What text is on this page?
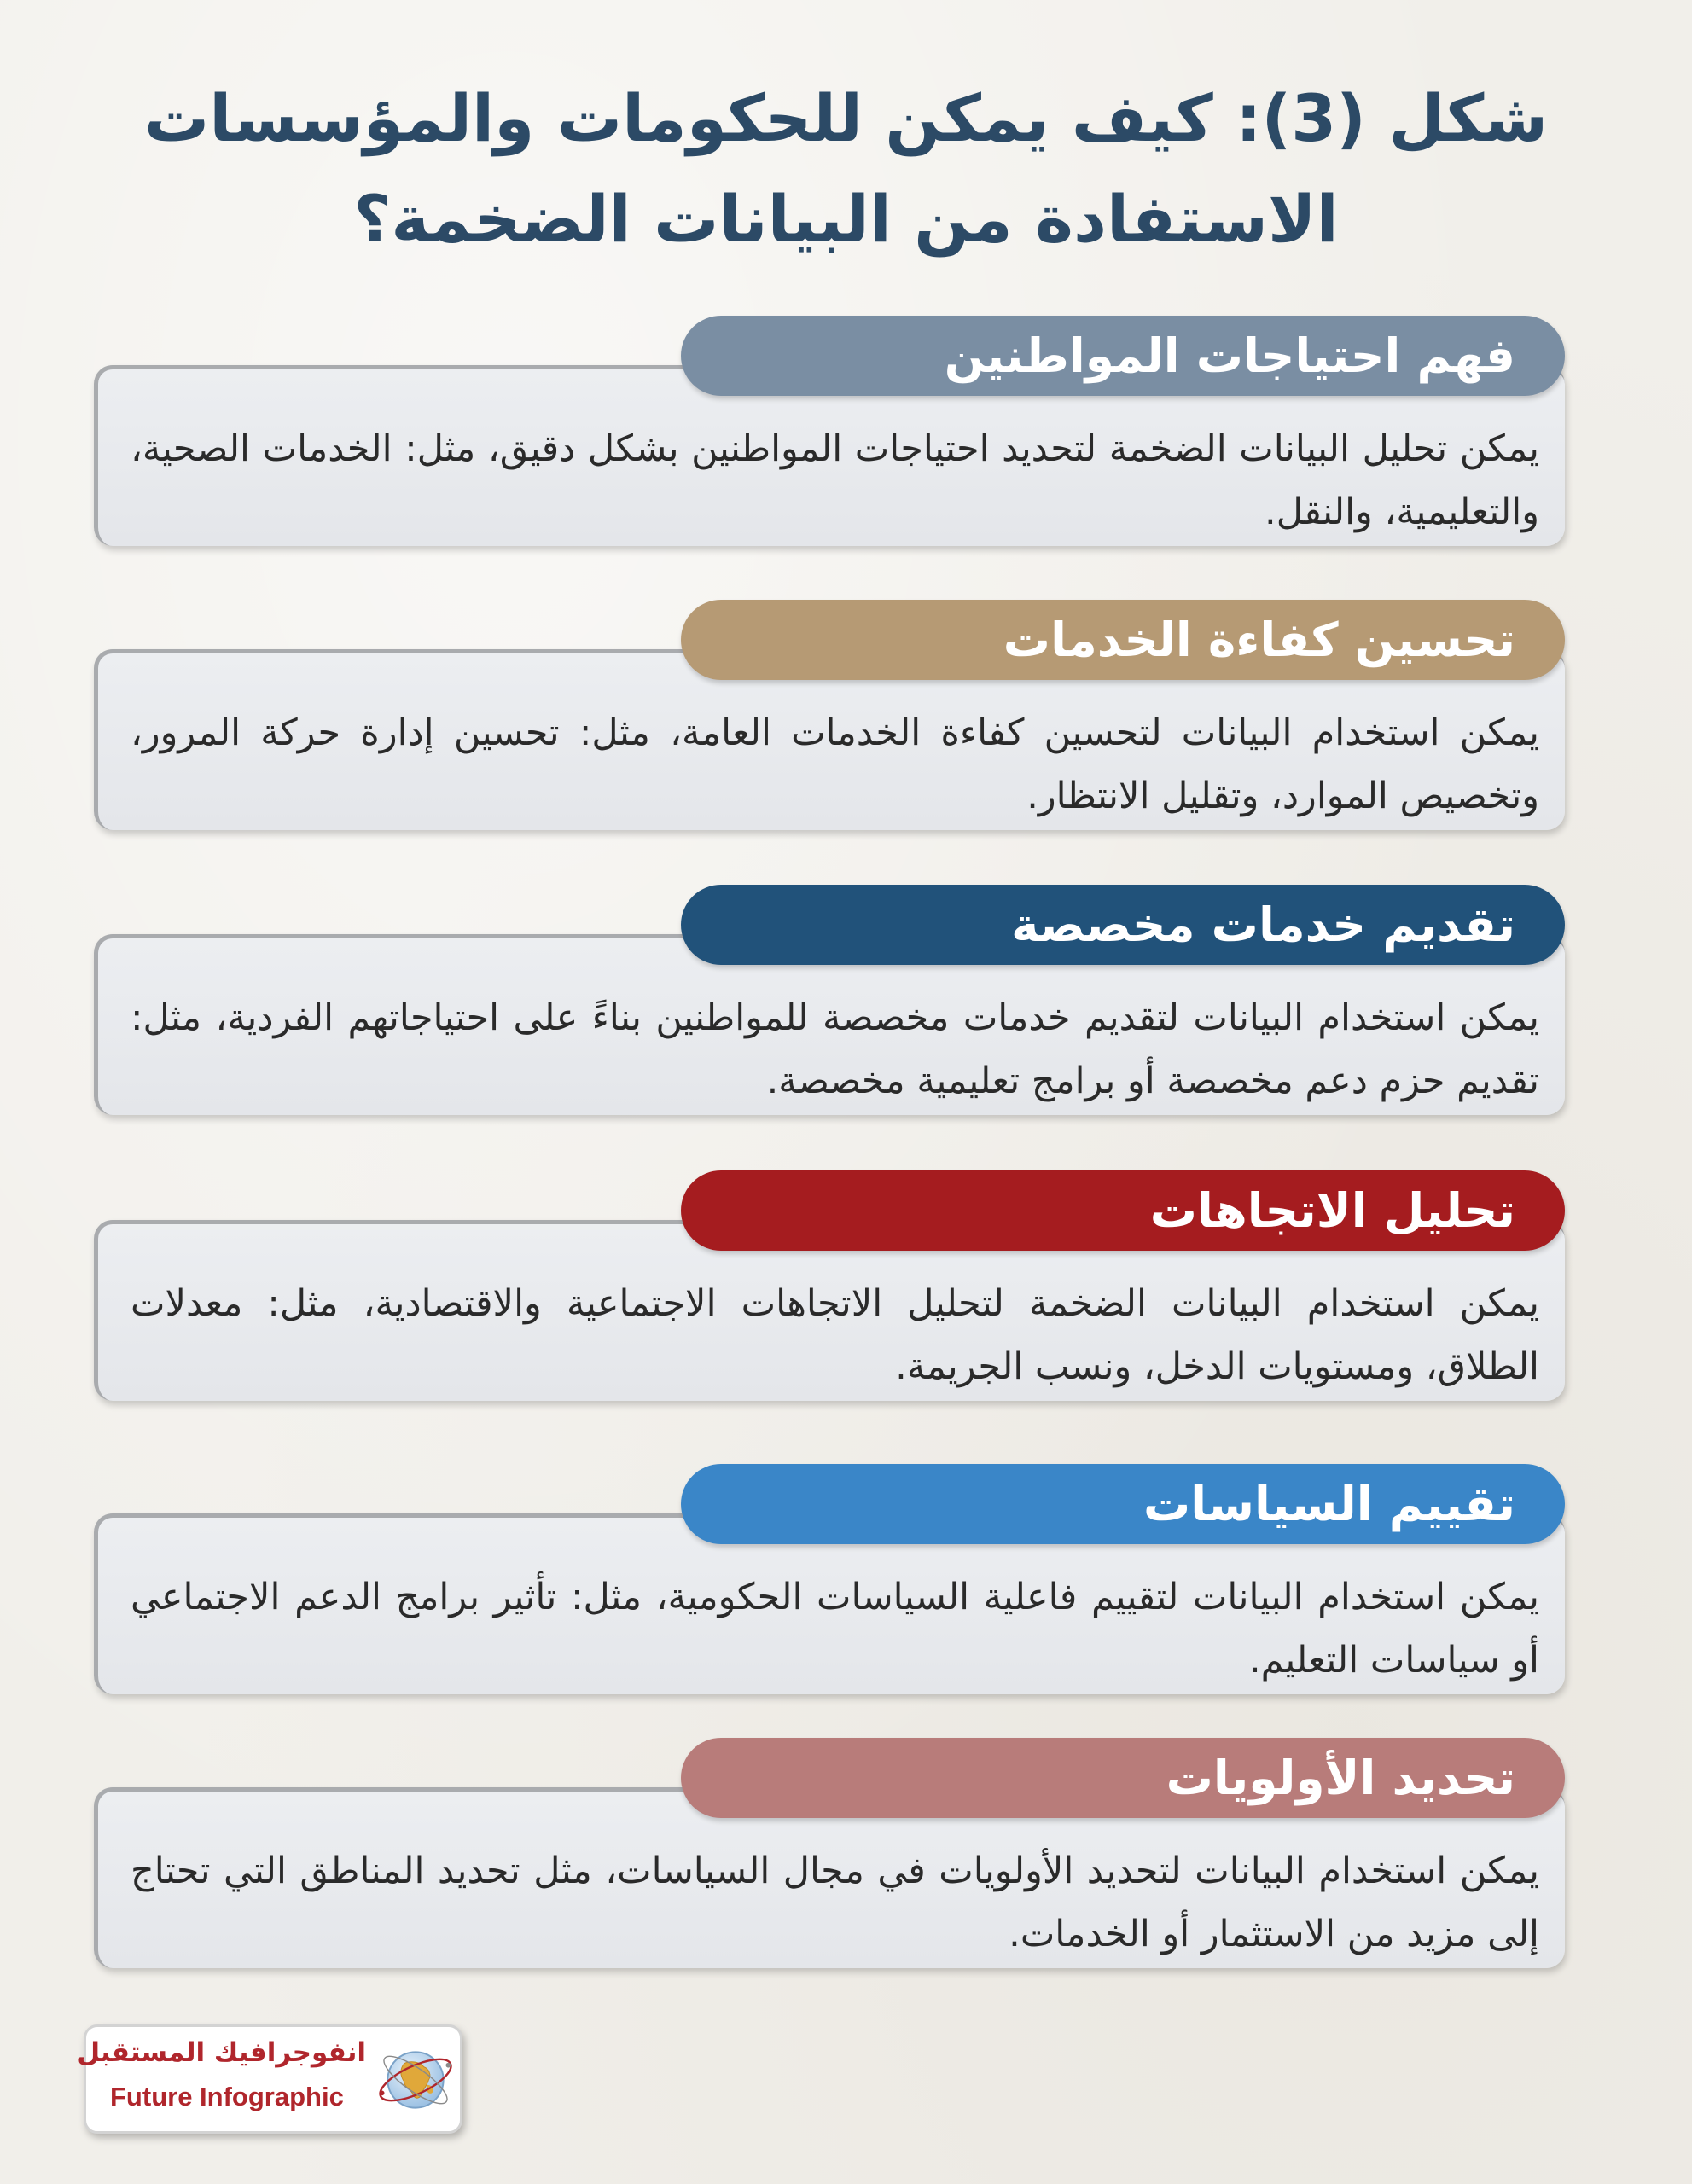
شكل (3): كيف يمكن للحكومات والمؤسسات
الاستفادة من البيانات الضخمة؟

يمكن تحليل البيانات الضخمة لتحديد احتياجات المواطنين بشكل دقيق، مثل: الخدمات الصحية، والتعليمية، والنقل.

فهم احتياجات المواطنين

يمكن استخدام البيانات لتحسين كفاءة الخدمات العامة، مثل: تحسين إدارة حركة المرور، وتخصيص الموارد، وتقليل الانتظار.

تحسين كفاءة الخدمات

يمكن استخدام البيانات لتقديم خدمات مخصصة للمواطنين بناءً على احتياجاتهم الفردية، مثل: تقديم حزم دعم مخصصة أو برامج تعليمية مخصصة.

تقديم خدمات مخصصة

يمكن استخدام البيانات الضخمة لتحليل الاتجاهات الاجتماعية والاقتصادية، مثل: معدلات الطلاق، ومستويات الدخل، ونسب الجريمة.

تحليل الاتجاهات

يمكن استخدام البيانات لتقييم فاعلية السياسات الحكومية، مثل: تأثير برامج الدعم الاجتماعي أو سياسات التعليم.

تقييم السياسات

يمكن استخدام البيانات لتحديد الأولويات في مجال السياسات، مثل تحديد المناطق التي تحتاج إلى مزيد من الاستثمار أو الخدمات.

تحديد الأولويات
انفوجرافيك المستقبل
Future Infographic
